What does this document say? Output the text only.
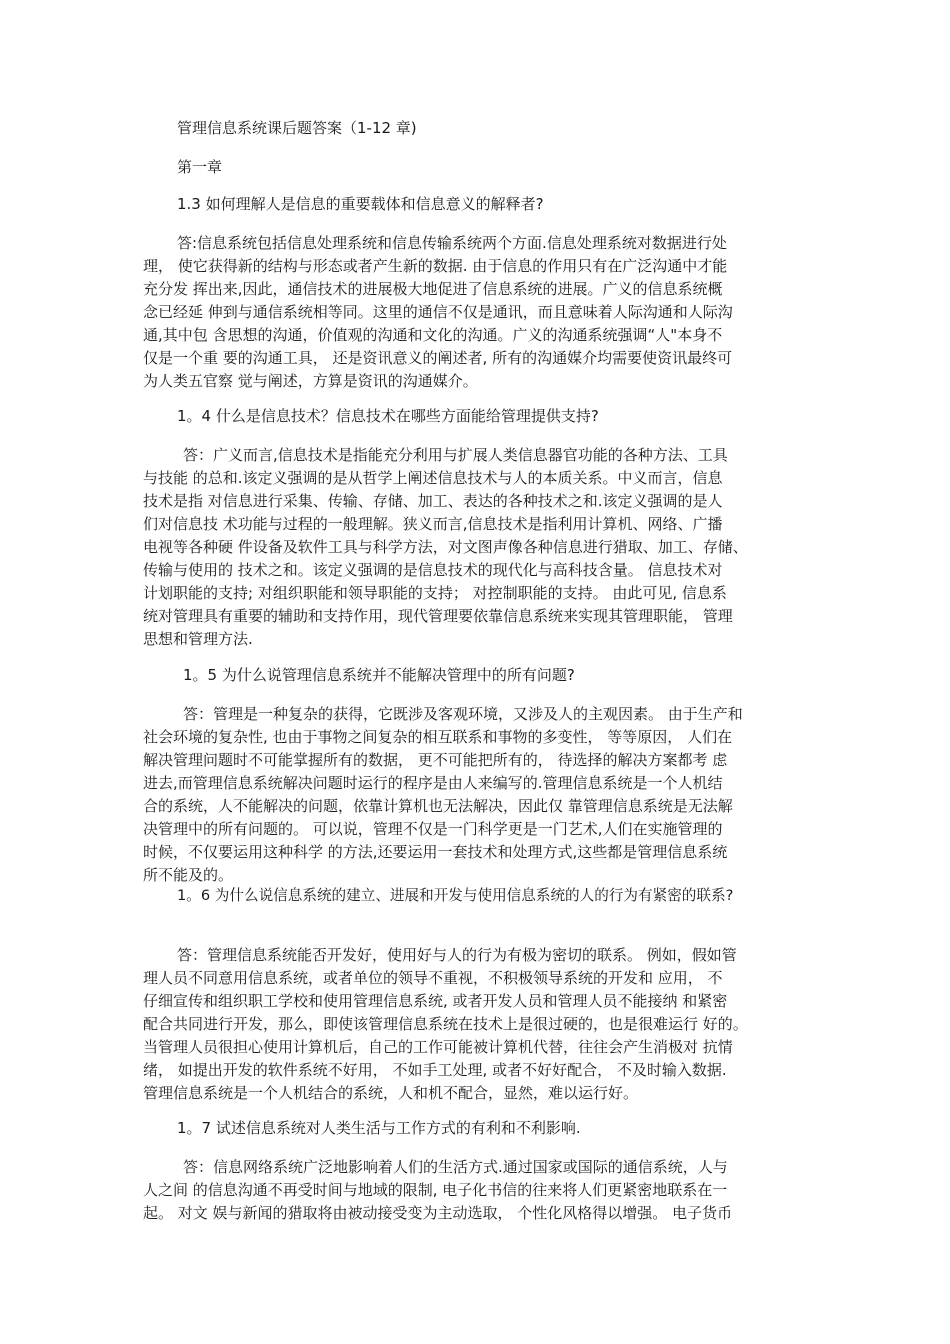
管理信息系统课后题答案（1-12 章)
第一章
1.3 如何理解人是信息的重要载体和信息意义的解释者?
答:信息系统包括信息处理系统和信息传输系统两个方面.信息处理系统对数据进行处
理， 使它获得新的结构与形态或者产生新的数据. 由于信息的作用只有在广泛沟通中才能
充分发 挥出来,因此，通信技术的进展极大地促进了信息系统的进展。广义的信息系统概
念已经延 伸到与通信系统相等同。这里的通信不仅是通讯，而且意味着人际沟通和人际沟
通,其中包 含思想的沟通，价值观的沟通和文化的沟通。广义的沟通系统强调“人"本身不
仅是一个重 要的沟通工具， 还是资讯意义的阐述者, 所有的沟通媒介均需要使资讯最终可
为人类五官察 觉与阐述，方算是资讯的沟通媒介。
1。4 什么是信息技术？信息技术在哪些方面能给管理提供支持?
答：广义而言,信息技术是指能充分利用与扩展人类信息器官功能的各种方法、工具
与技能 的总和.该定义强调的是从哲学上阐述信息技术与人的本质关系。中义而言，信息
技术是指 对信息进行采集、传输、存储、加工、表达的各种技术之和.该定义强调的是人
们对信息技 术功能与过程的一般理解。狭义而言,信息技术是指利用计算机、网络、广播
电视等各种硬 件设备及软件工具与科学方法，对文图声像各种信息进行猎取、加工、存储、
传输与使用的 技术之和。该定义强调的是信息技术的现代化与高科技含量。 信息技术对
计划职能的支持; 对组织职能和领导职能的支持； 对控制职能的支持。 由此可见, 信息系
统对管理具有重要的辅助和支持作用，现代管理要依靠信息系统来实现其管理职能， 管理
思想和管理方法.
1。5 为什么说管理信息系统并不能解决管理中的所有问题?
答：管理是一种复杂的获得，它既涉及客观环境，又涉及人的主观因素。 由于生产和
社会环境的复杂性, 也由于事物之间复杂的相互联系和事物的多变性， 等等原因， 人们在
解决管理问题时不可能掌握所有的数据， 更不可能把所有的， 待选择的解决方案都考 虑
进去,而管理信息系统解决问题时运行的程序是由人来编写的.管理信息系统是一个人机结
合的系统，人不能解决的问题，依靠计算机也无法解决，因此仅 靠管理信息系统是无法解
决管理中的所有问题的。 可以说，管理不仅是一门科学更是一门艺术,人们在实施管理的
时候，不仅要运用这种科学 的方法,还要运用一套技术和处理方式,这些都是管理信息系统
所不能及的。
1。6 为什么说信息系统的建立、进展和开发与使用信息系统的人的行为有紧密的联系?
答：管理信息系统能否开发好，使用好与人的行为有极为密切的联系。 例如，假如管
理人员不同意用信息系统，或者单位的领导不重视，不积极领导系统的开发和 应用， 不
仔细宣传和组织职工学校和使用管理信息系统, 或者开发人员和管理人员不能接纳 和紧密
配合共同进行开发，那么，即使该管理信息系统在技术上是很过硬的，也是很难运行 好的。
当管理人员很担心使用计算机后，自己的工作可能被计算机代替，往往会产生消极对 抗情
绪， 如提出开发的软件系统不好用， 不如手工处理, 或者不好好配合， 不及时输入数据.
管理信息系统是一个人机结合的系统，人和机不配合，显然，难以运行好。
1。7 试述信息系统对人类生活与工作方式的有利和不利影响.
答：信息网络系统广泛地影响着人们的生活方式.通过国家或国际的通信系统，人与
人之间 的信息沟通不再受时间与地域的限制, 电子化书信的往来将人们更紧密地联系在一
起。 对文 娱与新闻的猎取将由被动接受变为主动选取， 个性化风格得以增强。 电子货币
